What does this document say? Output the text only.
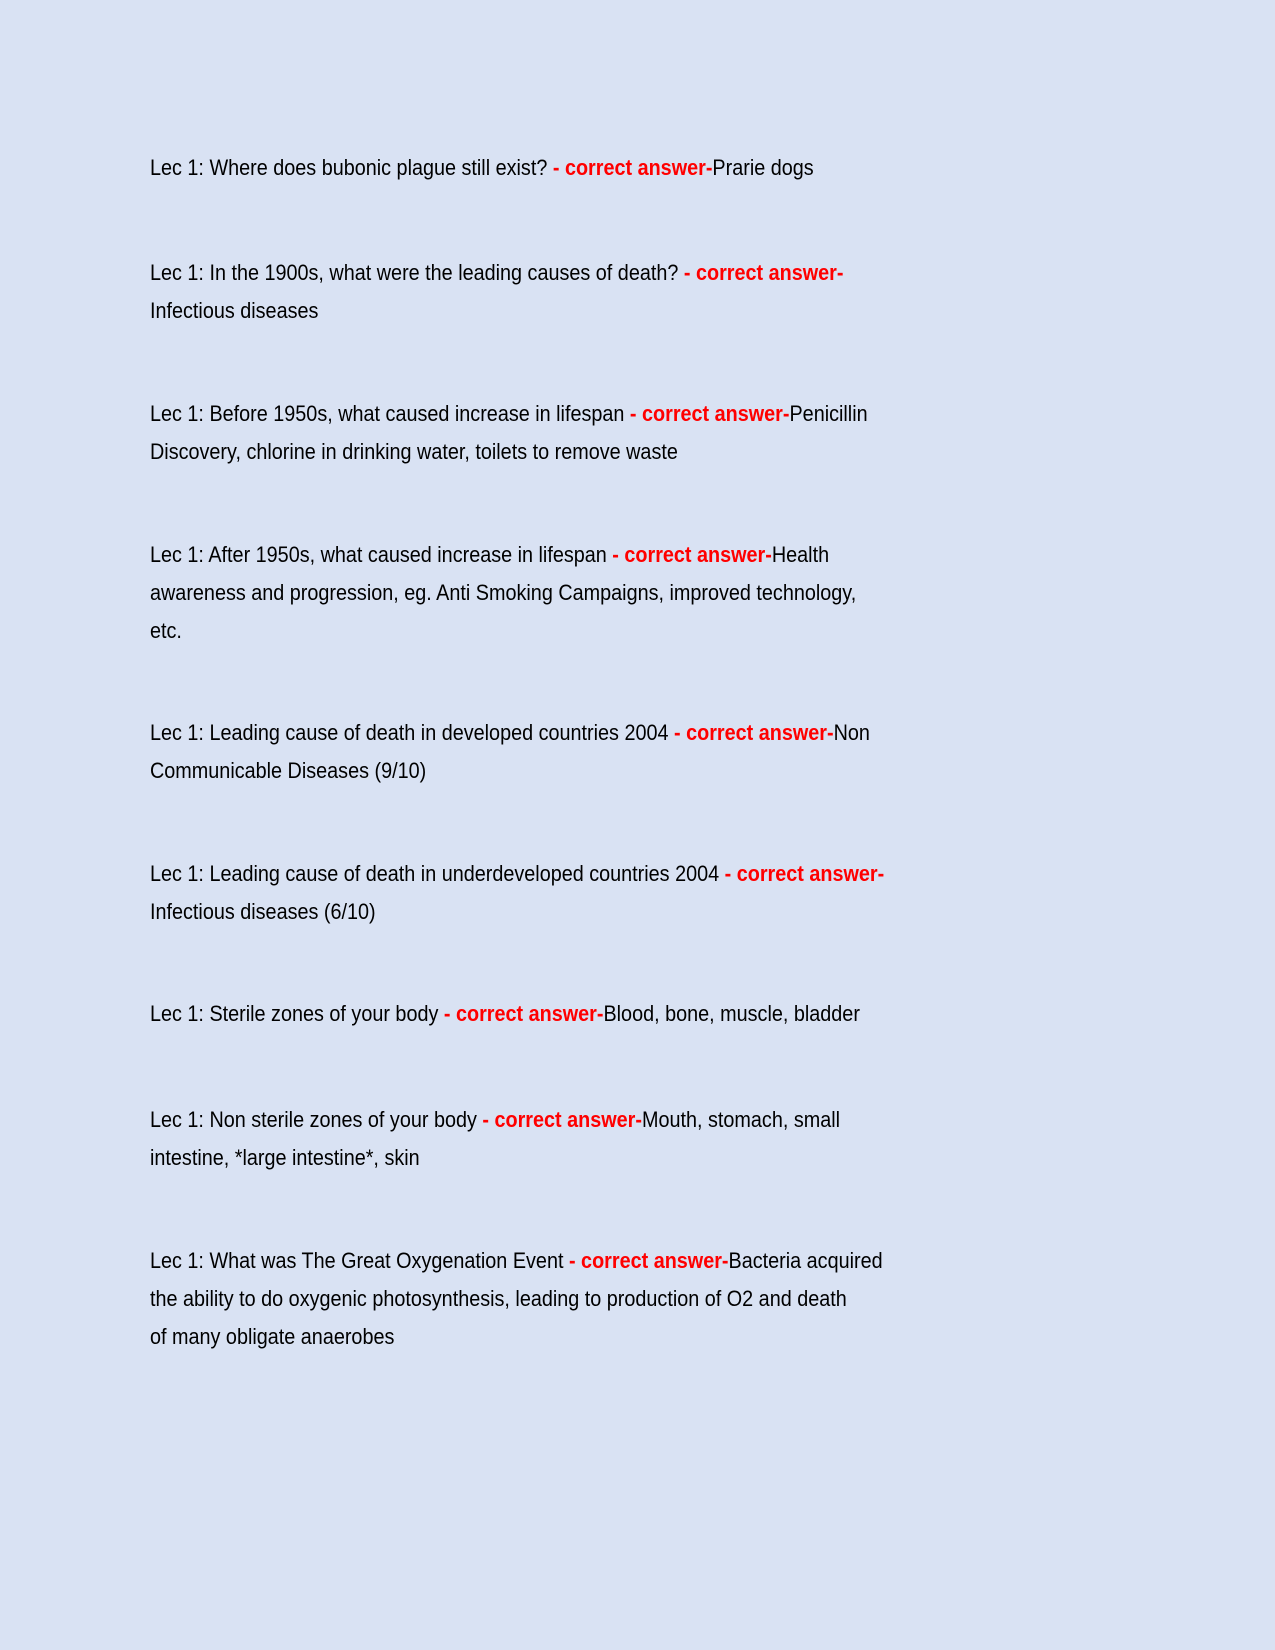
Lec 1: Where does bubonic plague still exist? - correct answer-Prarie dogs
Lec 1: In the 1900s, what were the leading causes of death? - correct answer-
Infectious diseases
Lec 1: Before 1950s, what caused increase in lifespan - correct answer-Penicillin
Discovery, chlorine in drinking water, toilets to remove waste
Lec 1: After 1950s, what caused increase in lifespan - correct answer-Health
awareness and progression, eg. Anti Smoking Campaigns, improved technology,
etc.
Lec 1: Leading cause of death in developed countries 2004 - correct answer-Non
Communicable Diseases (9/10)
Lec 1: Leading cause of death in underdeveloped countries 2004 - correct answer-
Infectious diseases (6/10)
Lec 1: Sterile zones of your body - correct answer-Blood, bone, muscle, bladder
Lec 1: Non sterile zones of your body - correct answer-Mouth, stomach, small
intestine, *large intestine*, skin
Lec 1: What was The Great Oxygenation Event - correct answer-Bacteria acquired
the ability to do oxygenic photosynthesis, leading to production of O2 and death
of many obligate anaerobes
